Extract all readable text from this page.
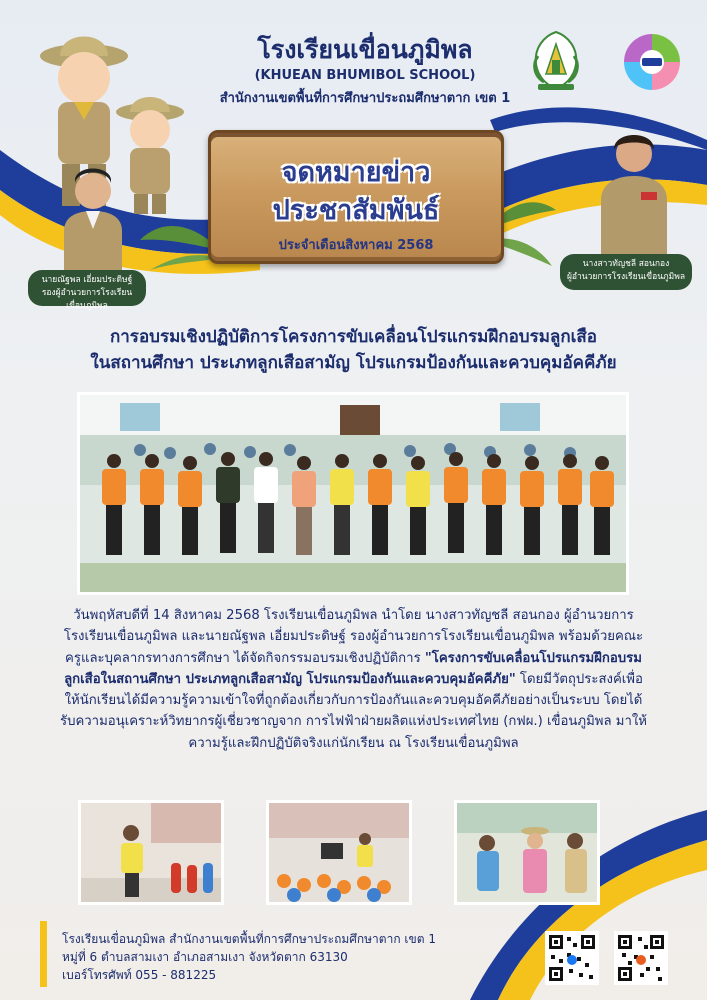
โรงเรียนเขื่อนภูมิพล
(KHUEAN BHUMIBOL SCHOOL)
สำนักงานเขตพื้นที่การศึกษาประถมศึกษาตาก เขต 1
นายณัฐพล เอี่ยมประดิษฐ์
รองผู้อำนวยการโรงเรียนเขื่อนภูมิพล
นางสาวทัญชลี สอนกอง
ผู้อำนวยการโรงเรียนเขื่อนภูมิพล
จดหมายข่าว
ประชาสัมพันธ์
ประจำเดือนสิงหาคม 2568
การอบรมเชิงปฏิบัติการโครงการขับเคลื่อนโปรแกรมฝึกอบรมลูกเสือ
ในสถานศึกษา ประเภทลูกเสือสามัญ โปรแกรมป้องกันและควบคุมอัคคีภัย
วันพฤหัสบดีที่ 14 สิงหาคม 2568 โรงเรียนเขื่อนภูมิพล นำโดย นางสาวทัญชลี สอนกอง ผู้อำนวยการโรงเรียนเขื่อนภูมิพล และนายณัฐพล เอี่ยมประดิษฐ์ รองผู้อำนวยการโรงเรียนเขื่อนภูมิพล พร้อมด้วยคณะครูและบุคลากรทางการศึกษา ได้จัดกิจกรรมอบรมเชิงปฏิบัติการ "โครงการขับเคลื่อนโปรแกรมฝึกอบรมลูกเสือในสถานศึกษา ประเภทลูกเสือสามัญ โปรแกรมป้องกันและควบคุมอัคคีภัย" โดยมีวัตถุประสงค์เพื่อให้นักเรียนได้มีความรู้ความเข้าใจที่ถูกต้องเกี่ยวกับการป้องกันและควบคุมอัคคีภัยอย่างเป็นระบบ โดยได้รับความอนุเคราะห์วิทยากรผู้เชี่ยวชาญจาก การไฟฟ้าฝ่ายผลิตแห่งประเทศไทย (กฟผ.) เขื่อนภูมิพล มาให้ความรู้และฝึกปฏิบัติจริงแก่นักเรียน ณ โรงเรียนเขื่อนภูมิพล
โรงเรียนเขื่อนภูมิพล สำนักงานเขตพื้นที่การศึกษาประถมศึกษาตาก เขต 1
หมู่ที่ 6 ตำบลสามเงา อำเภอสามเงา จังหวัดตาก 63130
เบอร์โทรศัพท์ 055 - 881225
